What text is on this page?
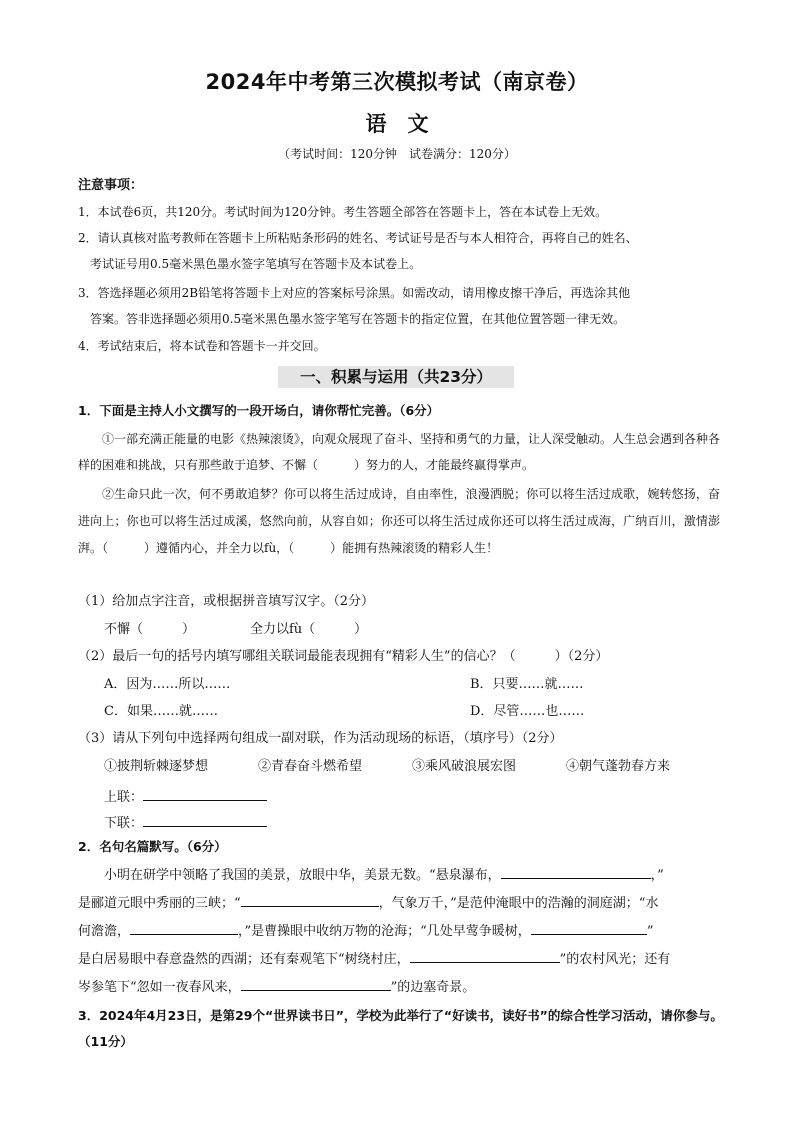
2024年中考第三次模拟考试（南京卷）
语　文
（考试时间：120分钟　试卷满分：120分）
注意事项：
1．本试卷6页，共120分。考试时间为120分钟。考生答题全部答在答题卡上，答在本试卷上无效。
2．请认真核对监考教师在答题卡上所粘贴条形码的姓名、考试证号是否与本人相符合，再将自己的姓名、
考试证号用0.5毫米黑色墨水签字笔填写在答题卡及本试卷上。
3．答选择题必须用2B铅笔将答题卡上对应的答案标号涂黑。如需改动，请用橡皮擦干净后，再选涂其他
答案。答非选择题必须用0.5毫米黑色墨水签字笔写在答题卡的指定位置，在其他位置答题一律无效。
4．考试结束后，将本试卷和答题卡一并交回。
一、积累与运用（共23分）
1．下面是主持人小文撰写的一段开场白，请你帮忙完善。（6分）
①一部充满正能量的电影《热辣滚烫》，向观众展现了奋斗、坚持和勇气的力量，让人深受触动。人生总会遇到各种各样的困难和挑战，只有那些敢于追梦、不懈（　　　）努力的人，才能最终赢得掌声。
②生命只此一次，何不勇敢追梦？你可以将生活过成诗，自由率性，浪漫洒脱；你可以将生活过成歌，婉转悠扬，奋进向上；你也可以将生活过成溪，悠然向前，从容自如；你还可以将生活过成你还可以将生活过成海，广纳百川，激情澎湃。（　　　）遵循内心，并全力以fù，（　　　）能拥有热辣滚烫的精彩人生！
（1）给加点字注音，或根据拼音填写汉字。（2分）
不懈（　　　）	全力以fù（　　　）
（2）最后一句的括号内填写哪组关联词最能表现拥有“精彩人生”的信心？（　　　）（2分）
A．因为……所以……	B．只要……就……
C．如果……就……	D．尽管……也……
（3）请从下列句中选择两句组成一副对联，作为活动现场的标语，（填序号）（2分）
①披荆斩棘逐梦想	②青春奋斗燃希望	③乘风破浪展宏图	④朝气蓬勃春方来
上联：
下联：
2．名句名篇默写。（6分）
小明在研学中领略了我国的美景，放眼中华，美景无数。“悬泉瀑布，	，”
是郦道元眼中秀丽的三峡；“	，气象万千，”是范仲淹眼中的浩瀚的洞庭湖；“水
何澹澹，	，”是曹操眼中收纳万物的沧海；“几处早莺争暖树，	”
是白居易眼中春意盎然的西湖；还有秦观笔下“树绕村庄，	”的农村风光；还有
岑参笔下“忽如一夜春风来，	”的边塞奇景。
3．2024年4月23日，是第29个“世界读书日”，学校为此举行了“好读书，读好书”的综合性学习活动，请你参与。（11分）
